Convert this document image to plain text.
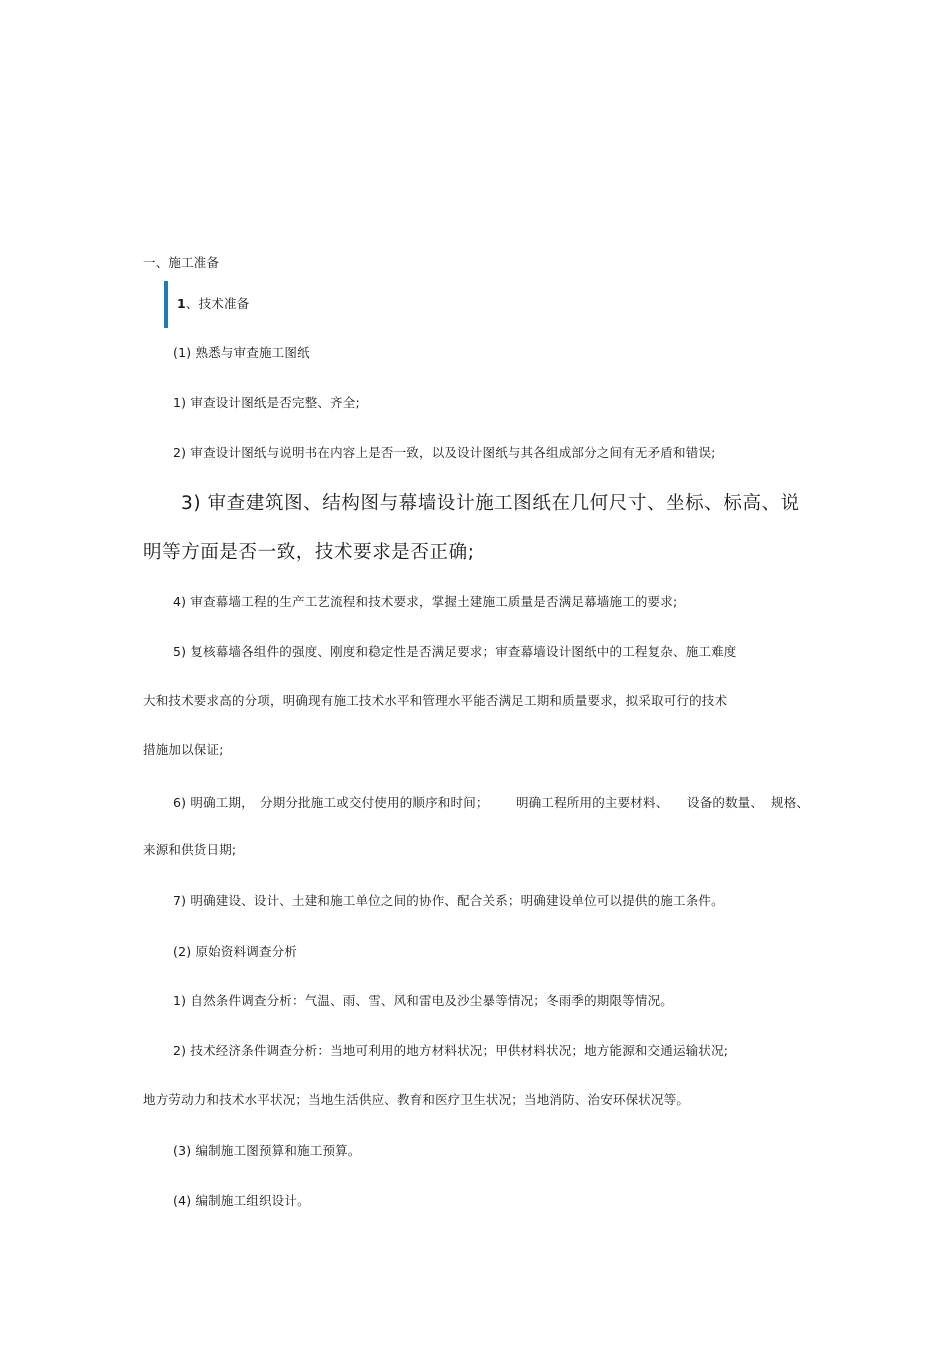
一、施工准备
1、技术准备
(1) 熟悉与审查施工图纸
1) 审查设计图纸是否完整、齐全;
2) 审查设计图纸与说明书在内容上是否一致，以及设计图纸与其各组成部分之间有无矛盾和错误;
3) 审查建筑图、结构图与幕墙设计施工图纸在几何尺寸、坐标、标高、说
明等方面是否一致，技术要求是否正确;
4) 审查幕墙工程的生产工艺流程和技术要求，掌握土建施工质量是否满足幕墙施工的要求;
5) 复核幕墙各组件的强度、刚度和稳定性是否满足要求；审查幕墙设计图纸中的工程复杂、施工难度
大和技术要求高的分项，明确现有施工技术水平和管理水平能否满足工期和质量要求，拟采取可行的技术
措施加以保证;
6) 明确工期， 分期分批施工或交付使用的顺序和时间； 明确工程所用的主要材料、 设备的数量、 规格、
来源和供货日期;
7) 明确建设、设计、土建和施工单位之间的协作、配合关系；明确建设单位可以提供的施工条件。
(2) 原始资料调查分析
1) 自然条件调查分析：气温、雨、雪、风和雷电及沙尘暴等情况；冬雨季的期限等情况。
2) 技术经济条件调查分析：当地可利用的地方材料状况；甲供材料状况；地方能源和交通运输状况;
地方劳动力和技术水平状况；当地生活供应、教育和医疗卫生状况；当地消防、治安环保状况等。
(3) 编制施工图预算和施工预算。
(4) 编制施工组织设计。
